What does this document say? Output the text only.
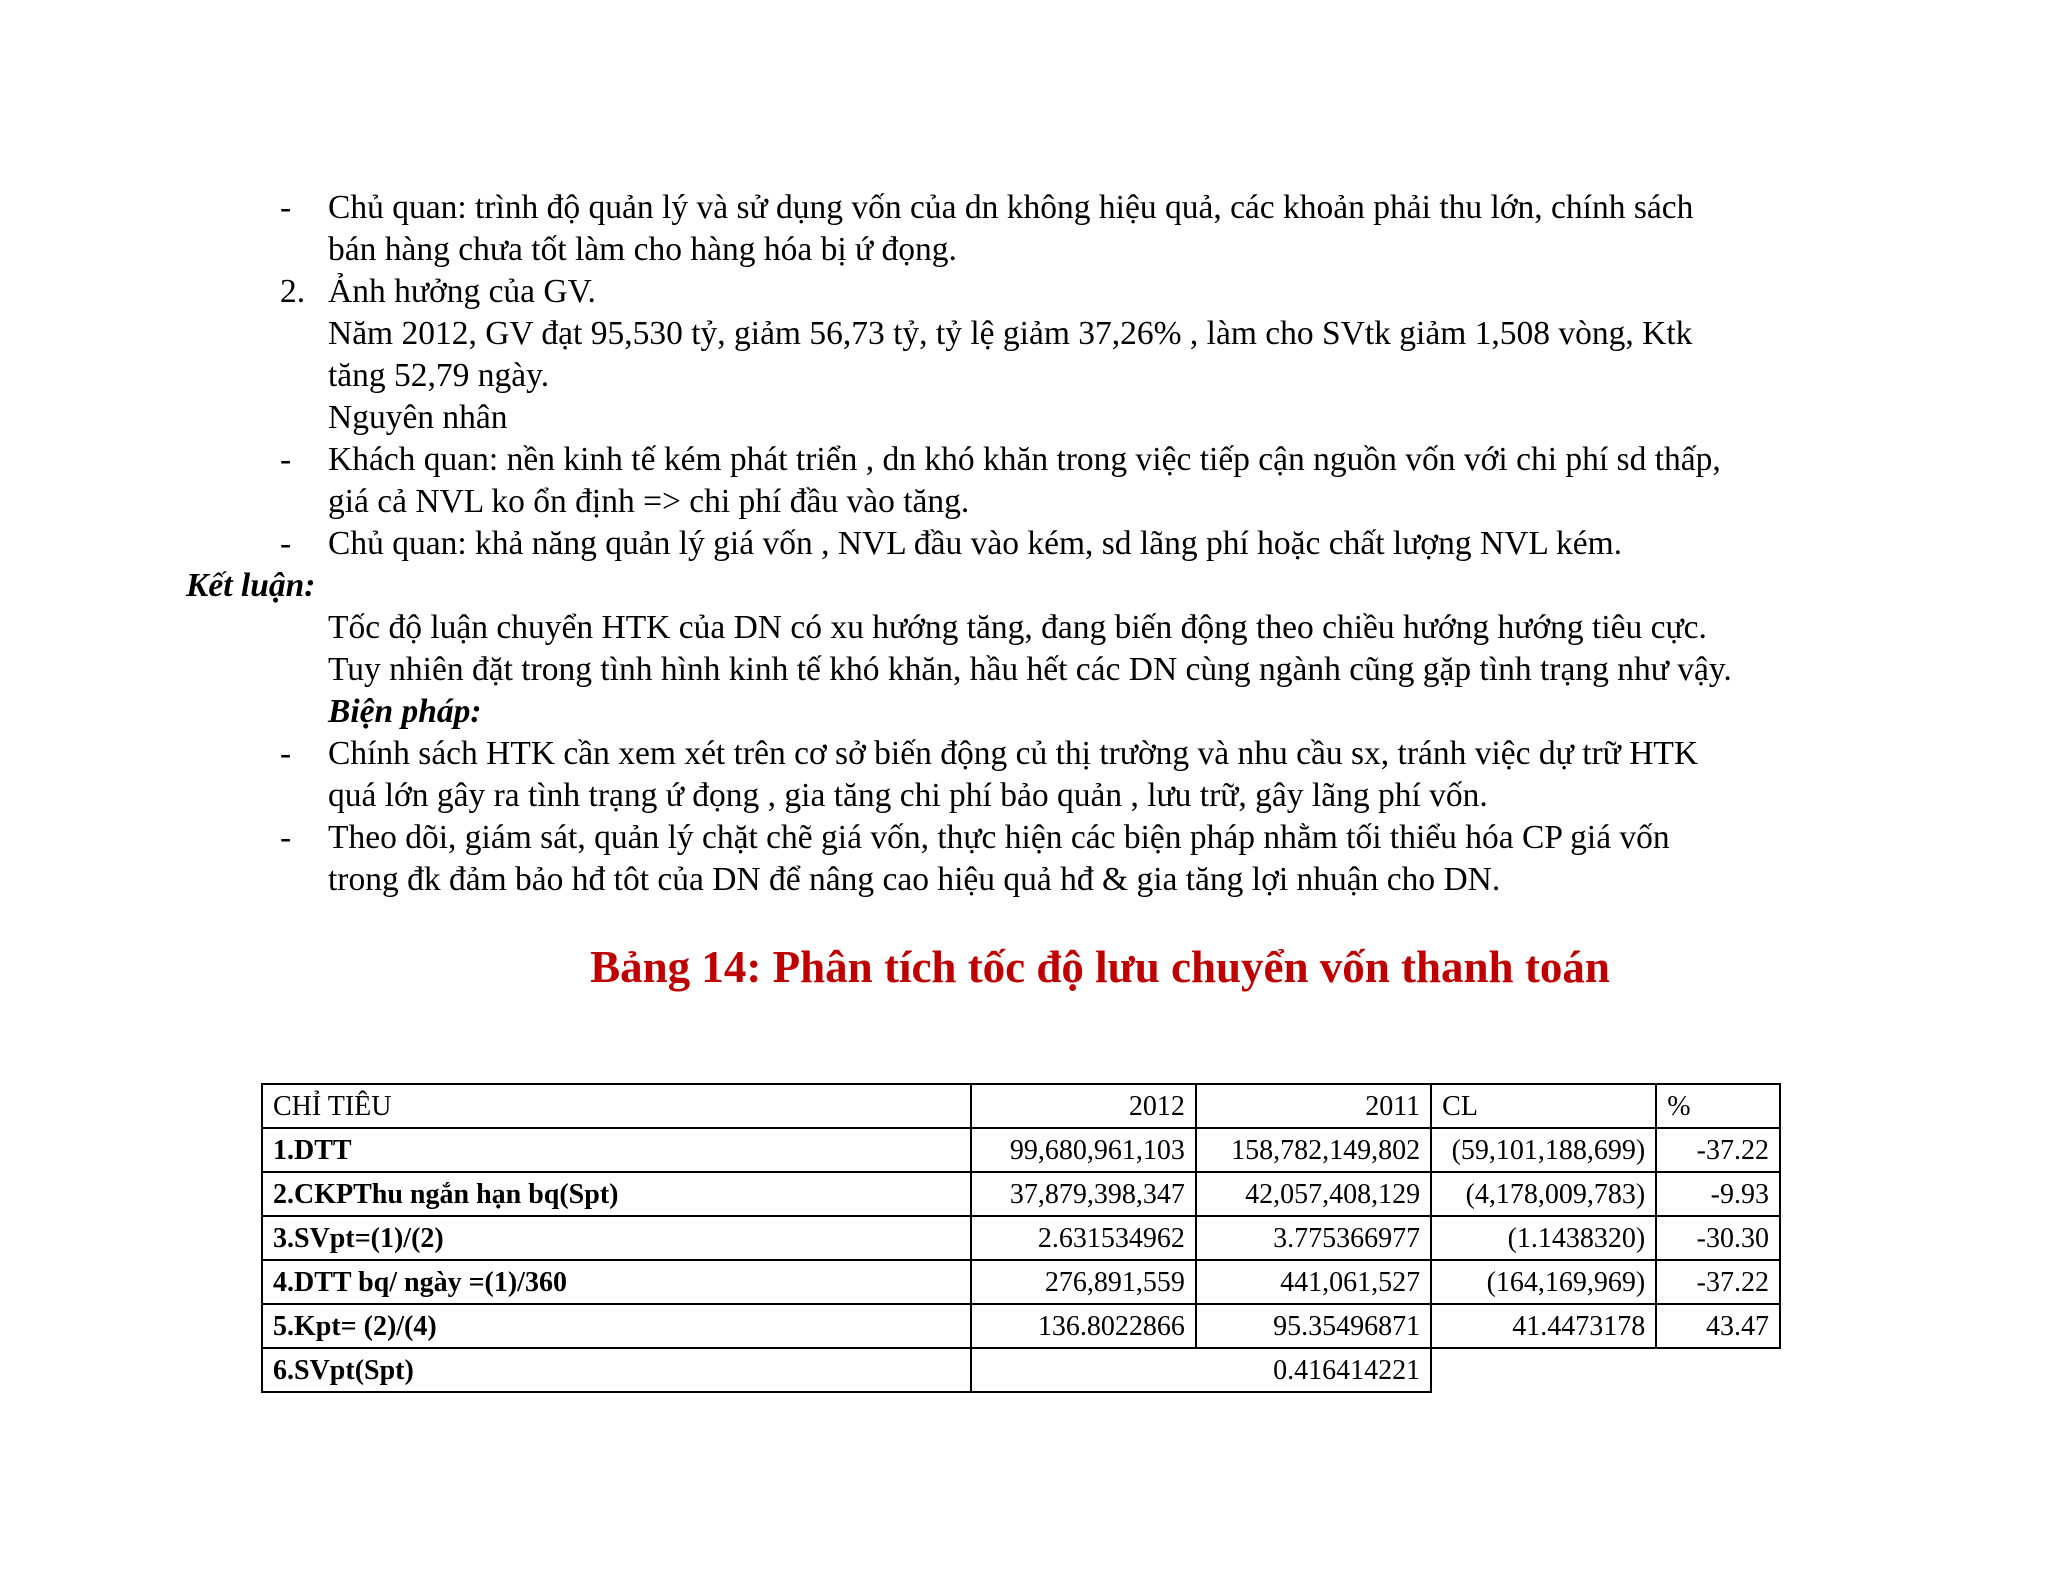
- Chủ quan: trình độ quản lý và sử dụng vốn của dn không hiệu quả, các khoản phải thu lớn, chính sách
bán hàng chưa tốt làm cho hàng hóa bị ứ đọng.
2. Ảnh hưởng của GV.
Năm 2012, GV đạt 95,530 tỷ, giảm 56,73 tỷ, tỷ lệ giảm 37,26% , làm cho SVtk giảm 1,508 vòng, Ktk
tăng 52,79 ngày.
Nguyên nhân
- Khách quan: nền kinh tế kém phát triển , dn khó khăn trong việc tiếp cận nguồn vốn với chi phí sd thấp,
giá cả NVL ko ổn định => chi phí đầu vào tăng.
- Chủ quan: khả năng quản lý giá vốn , NVL đầu vào kém, sd lãng phí hoặc chất lượng NVL kém.
Kết luận:
Tốc độ luận chuyển HTK của DN có xu hướng tăng, đang biến động theo chiều hướng hướng tiêu cực.
Tuy nhiên đặt trong tình hình kinh tế khó khăn, hầu hết các DN cùng ngành cũng gặp tình trạng như vậy.
Biện pháp:
- Chính sách HTK cần xem xét trên cơ sở biến động củ thị trường và nhu cầu sx, tránh việc dự trữ HTK
quá lớn gây ra tình trạng ứ đọng , gia tăng chi phí bảo quản , lưu trữ, gây lãng phí vốn.
- Theo dõi, giám sát, quản lý chặt chẽ giá vốn, thực hiện các biện pháp nhằm tối thiểu hóa CP giá vốn
trong đk đảm bảo hđ tôt của DN để nâng cao hiệu quả hđ & gia tăng lợi nhuận cho DN.
Bảng 14: Phân tích tốc độ lưu chuyển vốn thanh toán
CHỈ TIÊU	2012	2011	CL	%
1.DTT	99,680,961,103	158,782,149,802	(59,101,188,699)	-37.22
2.CKPThu ngắn hạn bq(Spt)	37,879,398,347	42,057,408,129	(4,178,009,783)	-9.93
3.SVpt=(1)/(2)	2.631534962	3.775366977	(1.1438320)	-30.30
4.DTT bq/ ngày =(1)/360	276,891,559	441,061,527	(164,169,969)	-37.22
5.Kpt= (2)/(4)	136.8022866	95.35496871	41.4473178	43.47
6.SVpt(Spt)	0.416414221			
